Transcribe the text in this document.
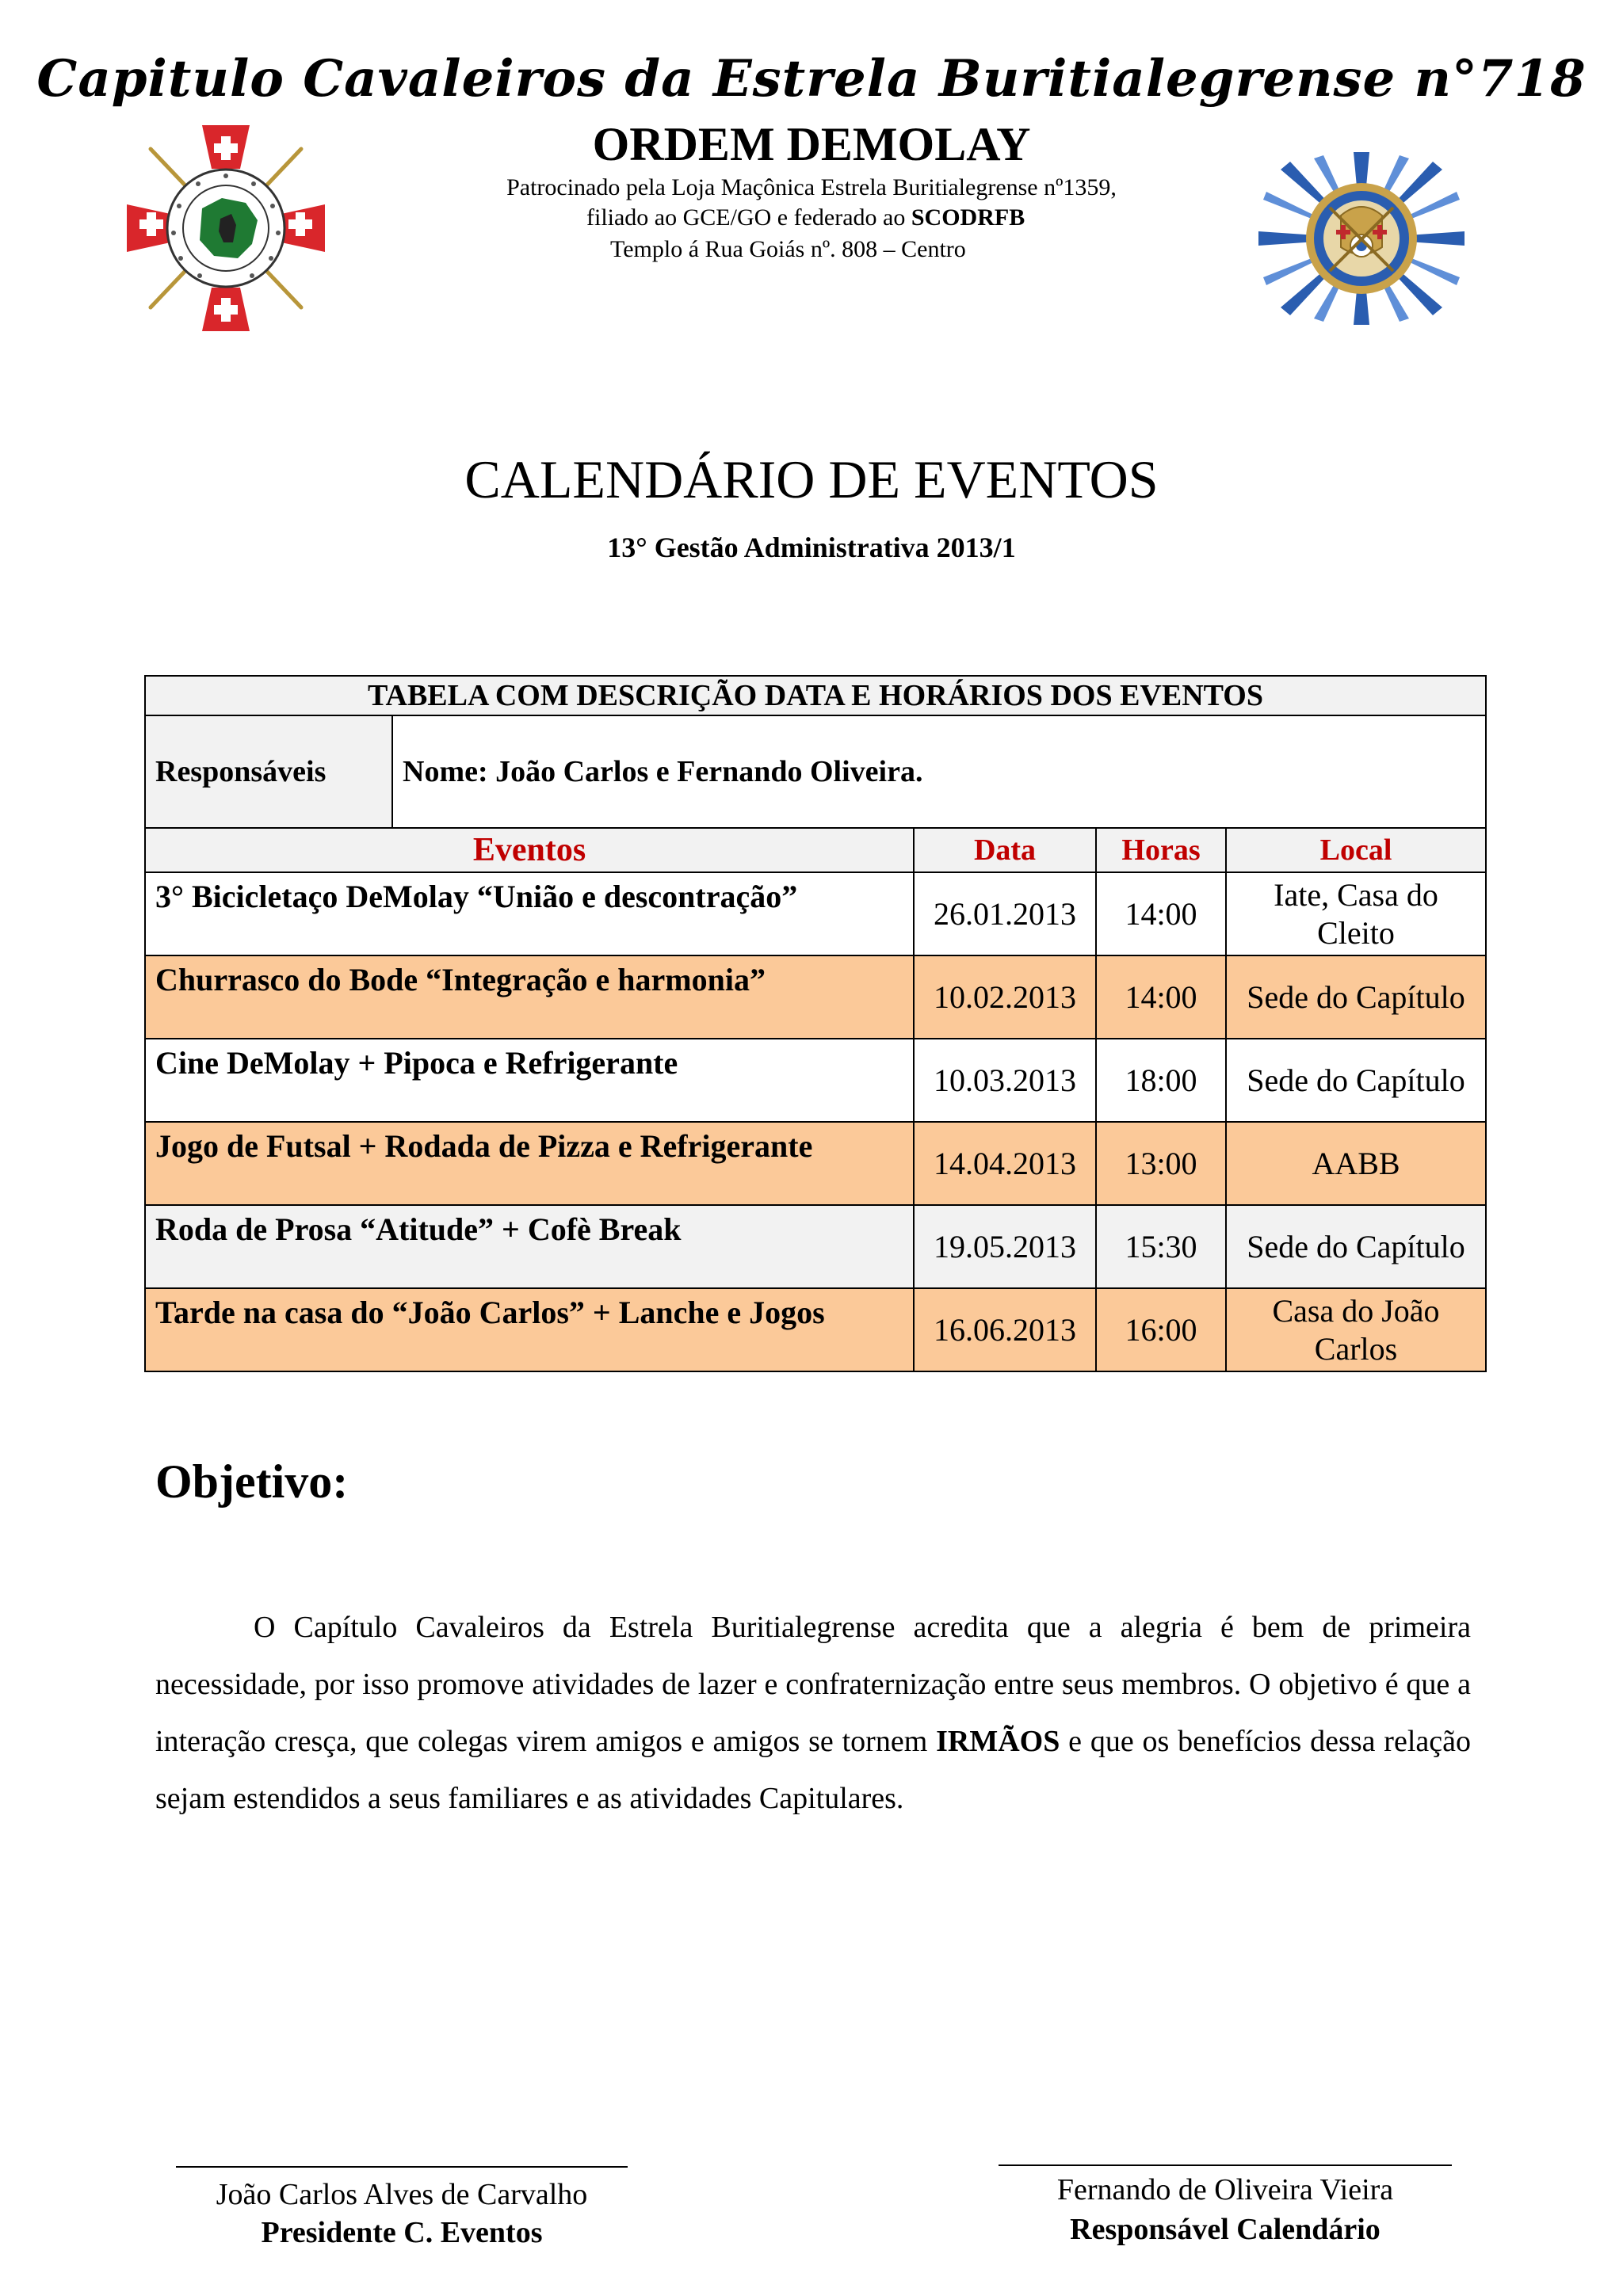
Capitulo Cavaleiros da Estrela Buritialegrense n°718
ORDEM DEMOLAY
Patrocinado pela Loja Maçônica Estrela Buritialegrense nº1359,
filiado ao GCE/GO e federado ao SCODRFB
Templo á Rua Goiás nº. 808 – Centro
CALENDÁRIO DE EVENTOS
13° Gestão Administrativa 2013/1
TABELA COM DESCRIÇÃO DATA E HORÁRIOS DOS EVENTOS				
Responsáveis	Nome: João Carlos e Fernando Oliveira.			
Eventos		Data	Horas	Local
3° Bicicletaço DeMolay “União e descontração”		26.01.2013	14:00	Iate, Casa do Cleito
Churrasco do Bode “Integração e harmonia”		10.02.2013	14:00	Sede do Capítulo
Cine DeMolay + Pipoca e Refrigerante		10.03.2013	18:00	Sede do Capítulo
Jogo de Futsal + Rodada de Pizza e Refrigerante		14.04.2013	13:00	AABB
Roda de Prosa “Atitude” + Cofè Break		19.05.2013	15:30	Sede do Capítulo
Tarde na casa do “João Carlos” + Lanche e Jogos		16.06.2013	16:00	Casa do João Carlos
Objetivo:
O Capítulo Cavaleiros da Estrela Buritialegrense acredita que a alegria é bem de primeira necessidade, por isso promove atividades de lazer e confraternização entre seus membros. O objetivo é que a interação cresça, que colegas virem amigos e amigos se tornem IRMÃOS e que os benefícios dessa relação sejam estendidos a seus familiares e as atividades Capitulares.
João Carlos Alves de Carvalho
Presidente C. Eventos
Fernando de Oliveira Vieira
Responsável Calendário
